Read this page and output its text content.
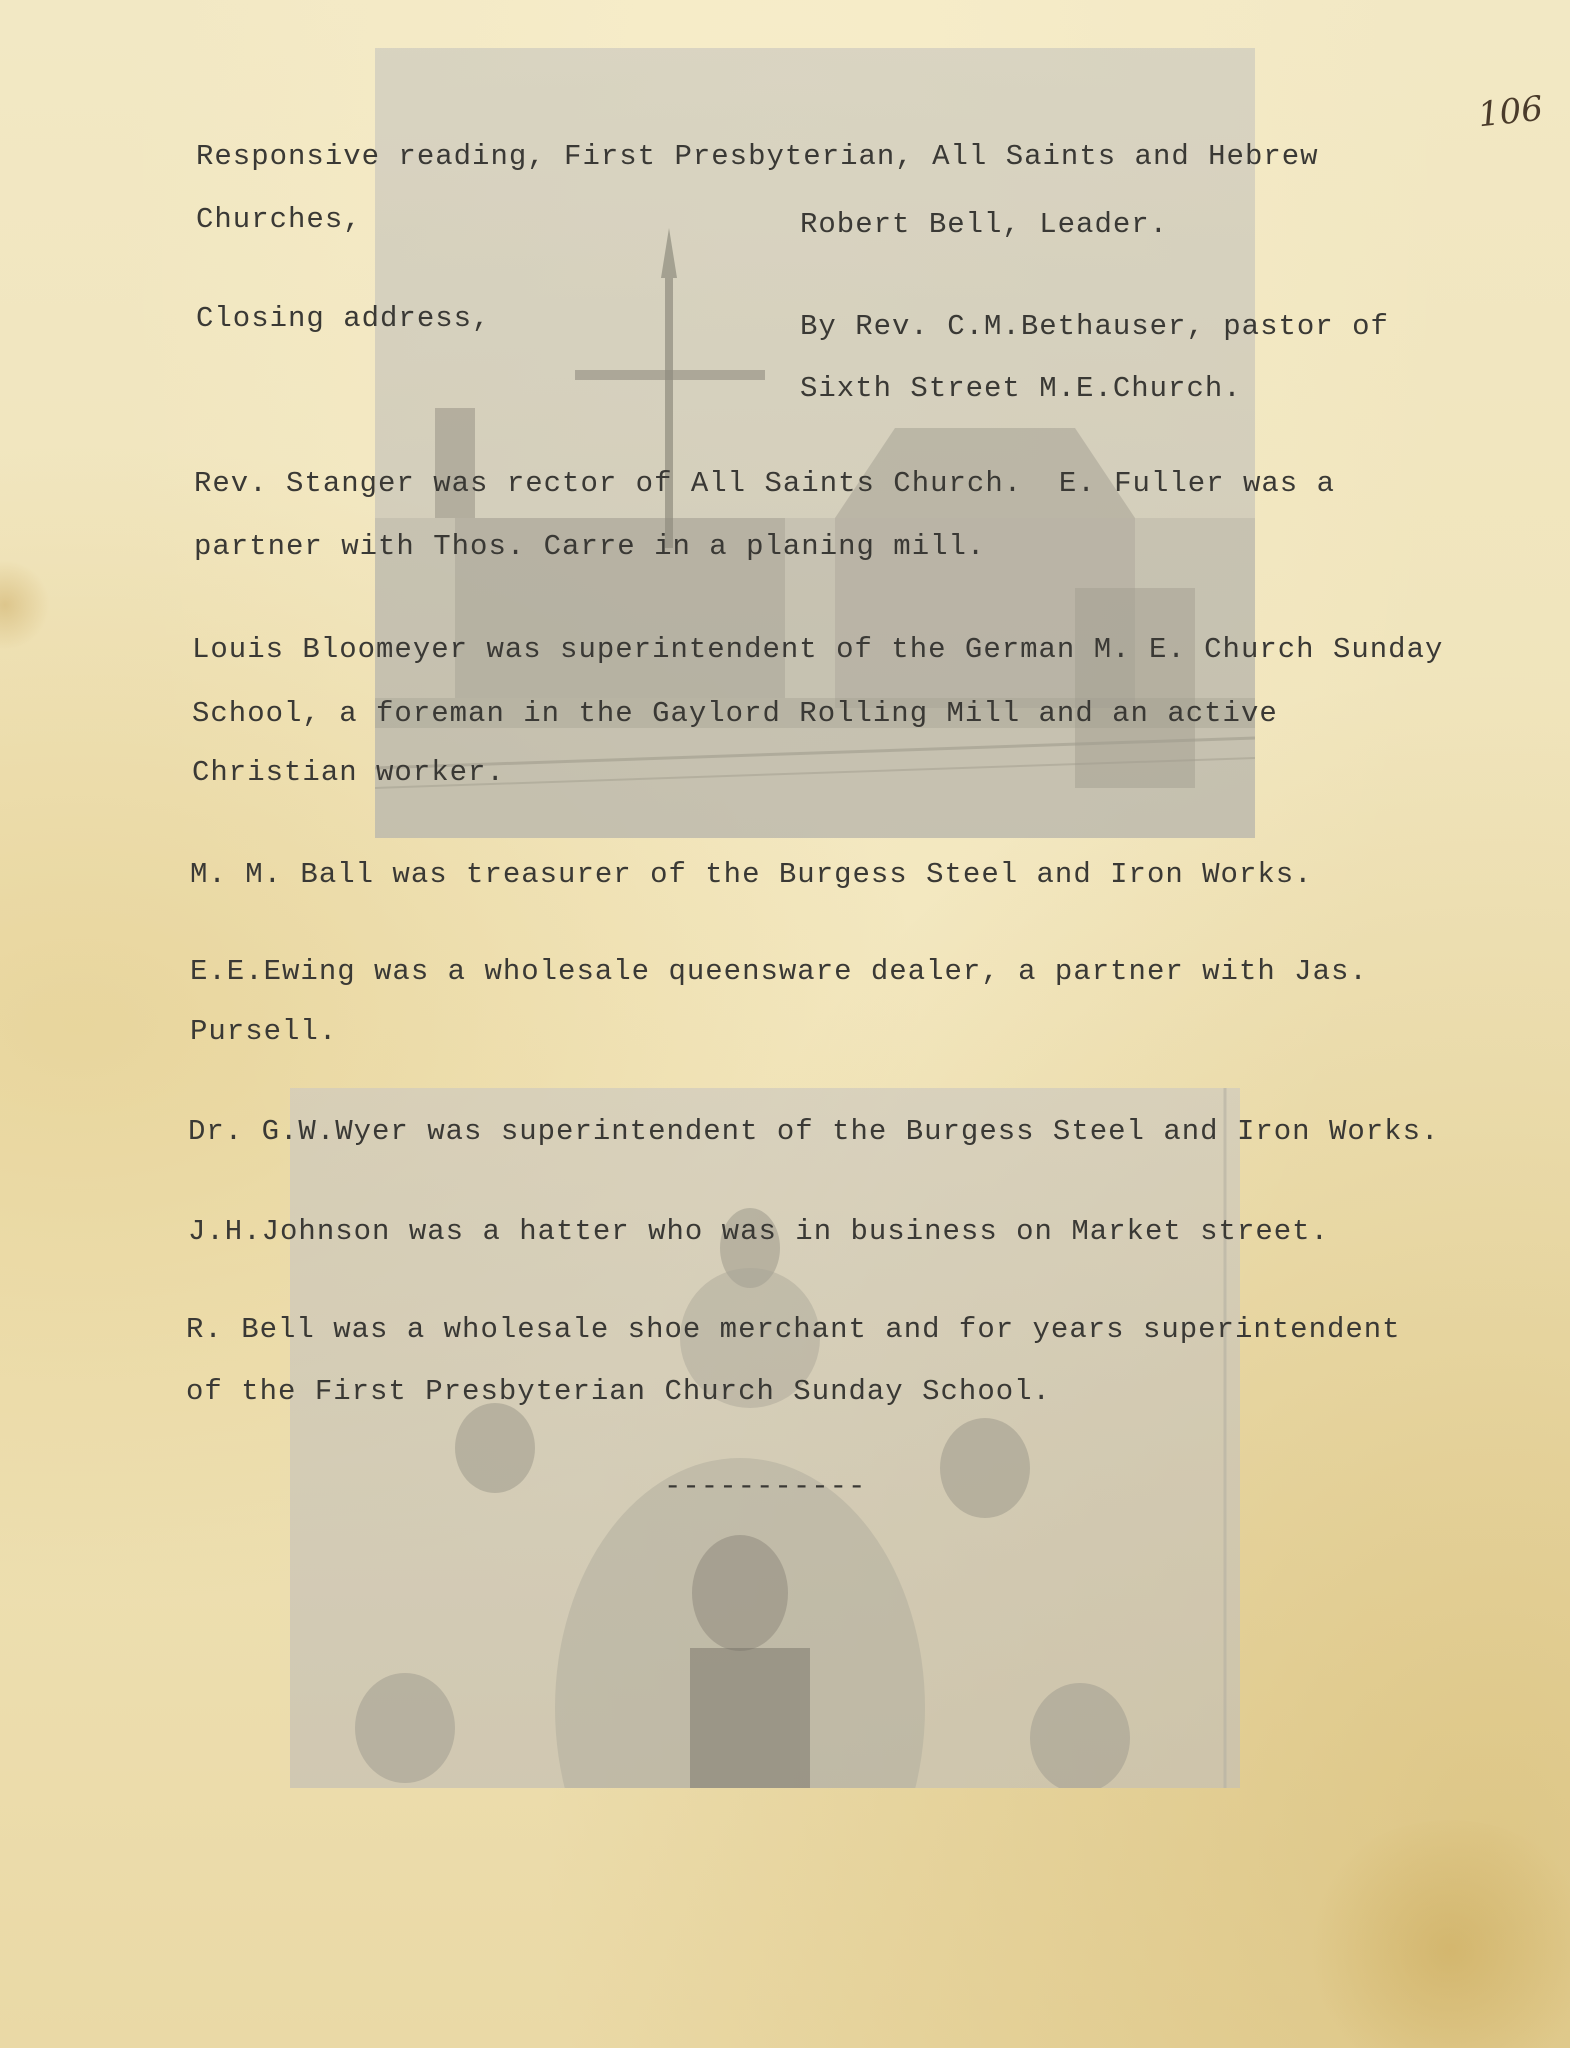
106
Responsive reading, First Presbyterian, All Saints and Hebrew
Churches,	Robert Bell, Leader.
Closing address,	By Rev. C.M.Bethauser, pastor of
Sixth Street M.E.Church.
Rev. Stanger was rector of All Saints Church.  E. Fuller was a
partner with Thos. Carre in a planing mill.
Louis Bloomeyer was superintendent of the German M. E. Church Sunday
School, a foreman in the Gaylord Rolling Mill and an active
Christian worker.
M. M. Ball was treasurer of the Burgess Steel and Iron Works.
E.E.Ewing was a wholesale queensware dealer, a partner with Jas.
Pursell.
Dr. G.W.Wyer was superintendent of the Burgess Steel and Iron Works.
J.H.Johnson was a hatter who was in business on Market street.
R. Bell was a wholesale shoe merchant and for years superintendent
of the First Presbyterian Church Sunday School.
-----------
